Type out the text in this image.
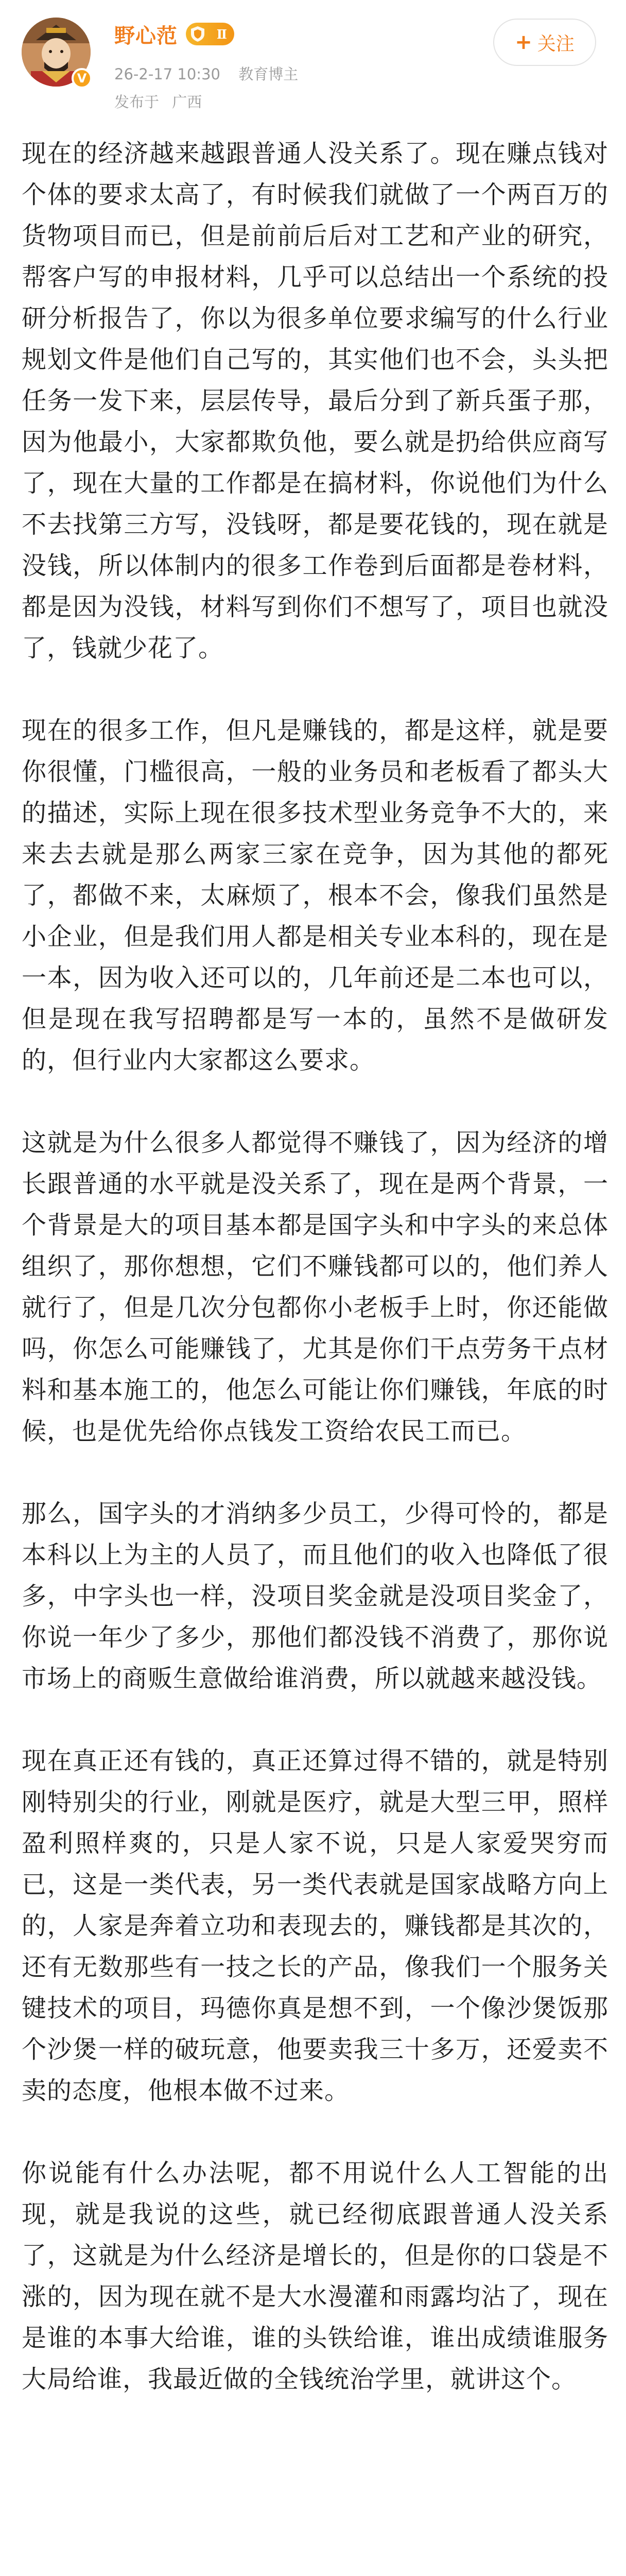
V
野心范	Ⅱ
26-2-17 10:30 教育博主
发布于 广西
+ 关注

现在的经济越来越跟普通人没关系了。现在赚点钱对个体的要求太高了，有时候我们就做了一个两百万的货物项目而已，但是前前后后对工艺和产业的研究，帮客户写的申报材料，几乎可以总结出一个系统的投研分析报告了，你以为很多单位要求编写的什么行业规划文件是他们自己写的，其实他们也不会，头头把任务一发下来，层层传导，最后分到了新兵蛋子那，因为他最小，大家都欺负他，要么就是扔给供应商写了，现在大量的工作都是在搞材料，你说他们为什么不去找第三方写，没钱呀，都是要花钱的，现在就是没钱，所以体制内的很多工作卷到后面都是卷材料，都是因为没钱，材料写到你们不想写了，项目也就没了，钱就少花了。

现在的很多工作，但凡是赚钱的，都是这样，就是要你很懂，门槛很高，一般的业务员和老板看了都头大的描述，实际上现在很多技术型业务竞争不大的，来来去去就是那么两家三家在竞争，因为其他的都死了，都做不来，太麻烦了，根本不会，像我们虽然是小企业，但是我们用人都是相关专业本科的，现在是一本，因为收入还可以的，几年前还是二本也可以，但是现在我写招聘都是写一本的，虽然不是做研发的，但行业内大家都这么要求。

这就是为什么很多人都觉得不赚钱了，因为经济的增长跟普通的水平就是没关系了，现在是两个背景，一个背景是大的项目基本都是国字头和中字头的来总体组织了，那你想想，它们不赚钱都可以的，他们养人就行了，但是几次分包都你小老板手上时，你还能做吗，你怎么可能赚钱了，尤其是你们干点劳务干点材料和基本施工的，他怎么可能让你们赚钱，年底的时候，也是优先给你点钱发工资给农民工而已。

那么，国字头的才消纳多少员工，少得可怜的，都是本科以上为主的人员了，而且他们的收入也降低了很多，中字头也一样，没项目奖金就是没项目奖金了，你说一年少了多少，那他们都没钱不消费了，那你说市场上的商贩生意做给谁消费，所以就越来越没钱。

现在真正还有钱的，真正还算过得不错的，就是特别刚特别尖的行业，刚就是医疗，就是大型三甲，照样盈利照样爽的，只是人家不说，只是人家爱哭穷而已，这是一类代表，另一类代表就是国家战略方向上的，人家是奔着立功和表现去的，赚钱都是其次的，还有无数那些有一技之长的产品，像我们一个服务关键技术的项目，玛德你真是想不到，一个像沙煲饭那个沙煲一样的破玩意，他要卖我三十多万，还爱卖不卖的态度，他根本做不过来。

你说能有什么办法呢，都不用说什么人工智能的出现，就是我说的这些，就已经彻底跟普通人没关系了，这就是为什么经济是增长的，但是你的口袋是不涨的，因为现在就不是大水漫灌和雨露均沾了，现在是谁的本事大给谁，谁的头铁给谁，谁出成绩谁服务大局给谁，我最近做的全钱统治学里，就讲这个。
